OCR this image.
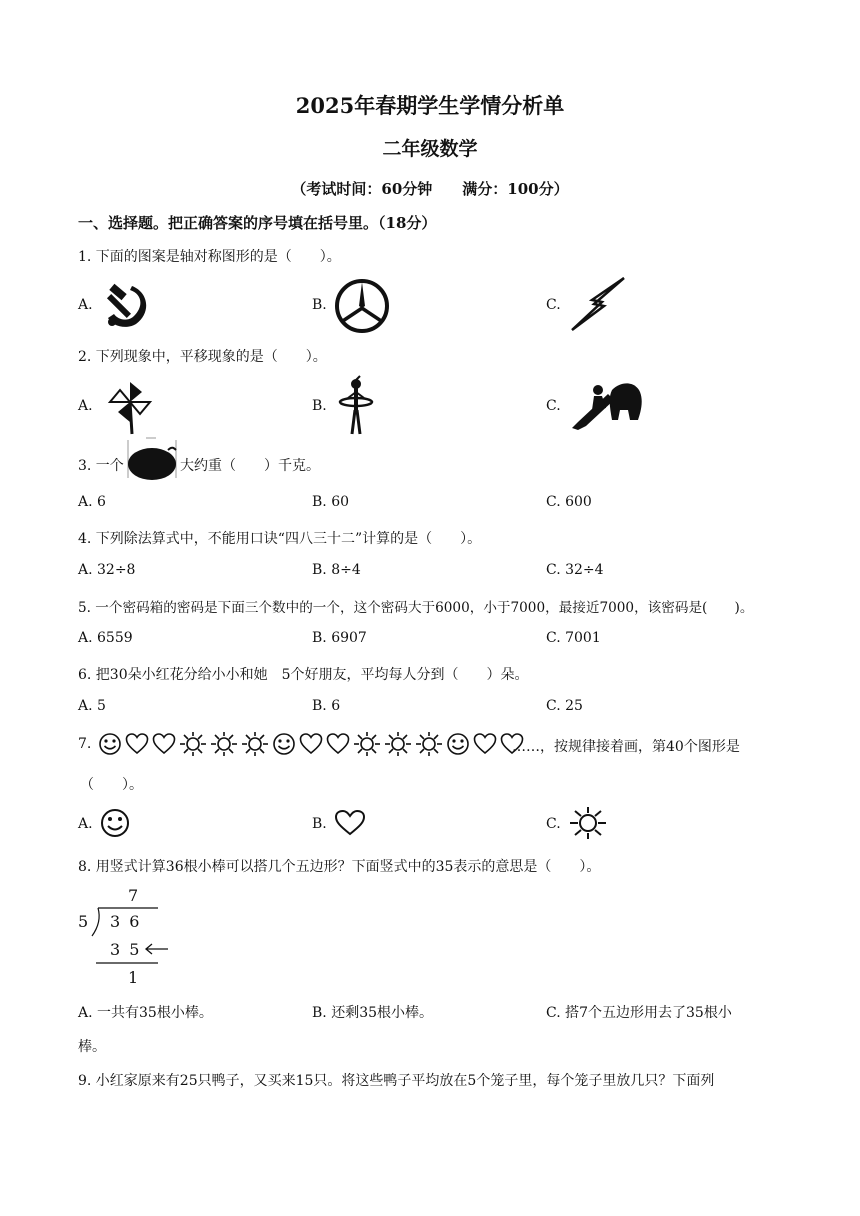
2025年春期学生学情分析单
二年级数学
（考试时间：60分钟　　满分：100分）
一、选择题。把正确答案的序号填在括号里。（18分）
1. 下面的图案是轴对称图形的是（　　）。
A.	B.	C.
2. 下列现象中，平移现象的是（　　）。
A.	B.	C.
3. 一个	大约重（　　）千克。
A. 6	B. 60	C. 600
4. 下列除法算式中，不能用口诀“四八三十二”计算的是（　　）。
A. 32÷8	B. 8÷4	C. 32÷4
5. 一个密码箱的密码是下面三个数中的一个，这个密码大于6000，小于7000，最接近7000，该密码是(　　)。
A. 6559	B. 6907	C. 7001
6. 把30朵小红花分给小小和她　5个好朋友，平均每人分到（　　）朵。
A. 5	B. 6	C. 25
7.	……，按规律接着画，第40个图形是
（　　）。
A.	B.	C.
8. 用竖式计算36根小棒可以搭几个五边形？下面竖式中的35表示的意思是（　　）。
7
5 3 6
3 5
1
A. 一共有35根小棒。	B. 还剩35根小棒。	C. 搭7个五边形用去了35根小
棒。
9. 小红家原来有25只鸭子，又买来15只。将这些鸭子平均放在5个笼子里，每个笼子里放几只？下面列
